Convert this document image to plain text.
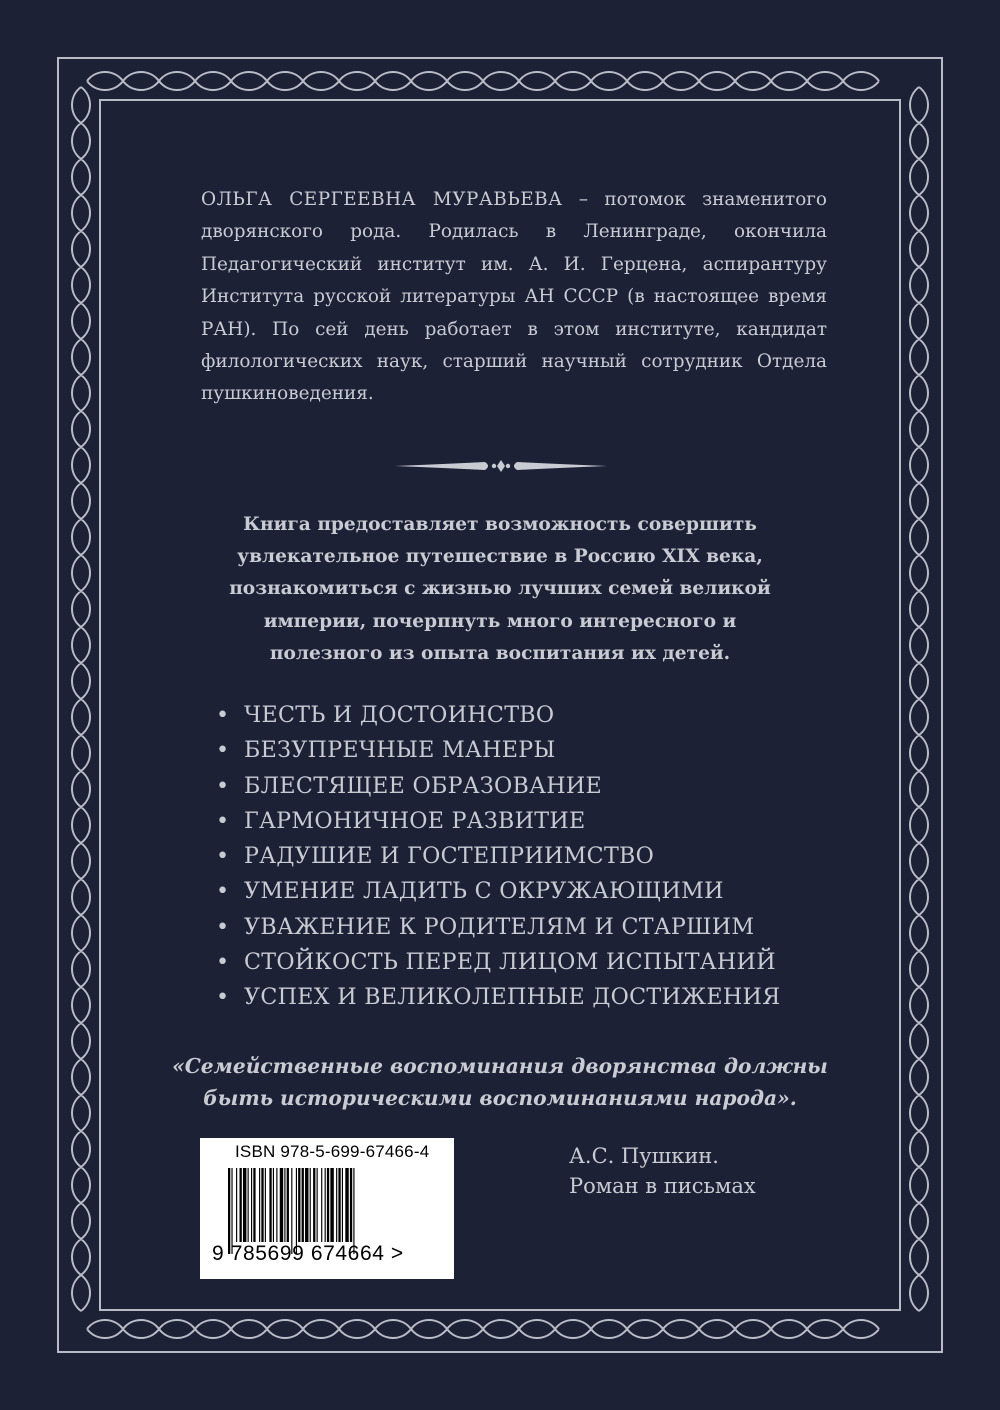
ОЛЬГА СЕРГЕЕВНА МУРАВЬЕВА – потомок знаменитого дворянского рода. Родилась в Ленинграде, окончила Педагогический институт им. А. И. Герцена, аспирантуру Института русской литературы АН СССР (в настоящее время РАН). По сей день работает в этом институте, кандидат филологических наук, старший научный сотрудник Отдела пушкиноведения.
Книга предоставляет возможность совершить
увлекательное путешествие в Россию XIX века,
познакомиться с жизнью лучших семей великой
империи, почерпнуть много интересного и
полезного из опыта воспитания их детей.
• ЧЕСТЬ И ДОСТОИНСТВО
• БЕЗУПРЕЧНЫЕ МАНЕРЫ
• БЛЕСТЯЩЕЕ ОБРАЗОВАНИЕ
• ГАРМОНИЧНОЕ РАЗВИТИЕ
• РАДУШИЕ И ГОСТЕПРИИМСТВО
• УМЕНИЕ ЛАДИТЬ С ОКРУЖАЮЩИМИ
• УВАЖЕНИЕ К РОДИТЕЛЯМ И СТАРШИМ
• СТОЙКОСТЬ ПЕРЕД ЛИЦОМ ИСПЫТАНИЙ
• УСПЕХ И ВЕЛИКОЛЕПНЫЕ ДОСТИЖЕНИЯ
«Семейственные воспоминания дворянства должны
быть историческими воспоминаниями народа».
ISBN 978-5-699-67466-4
9 785699 674664 >
А.С. Пушкин.
Роман в письмах
